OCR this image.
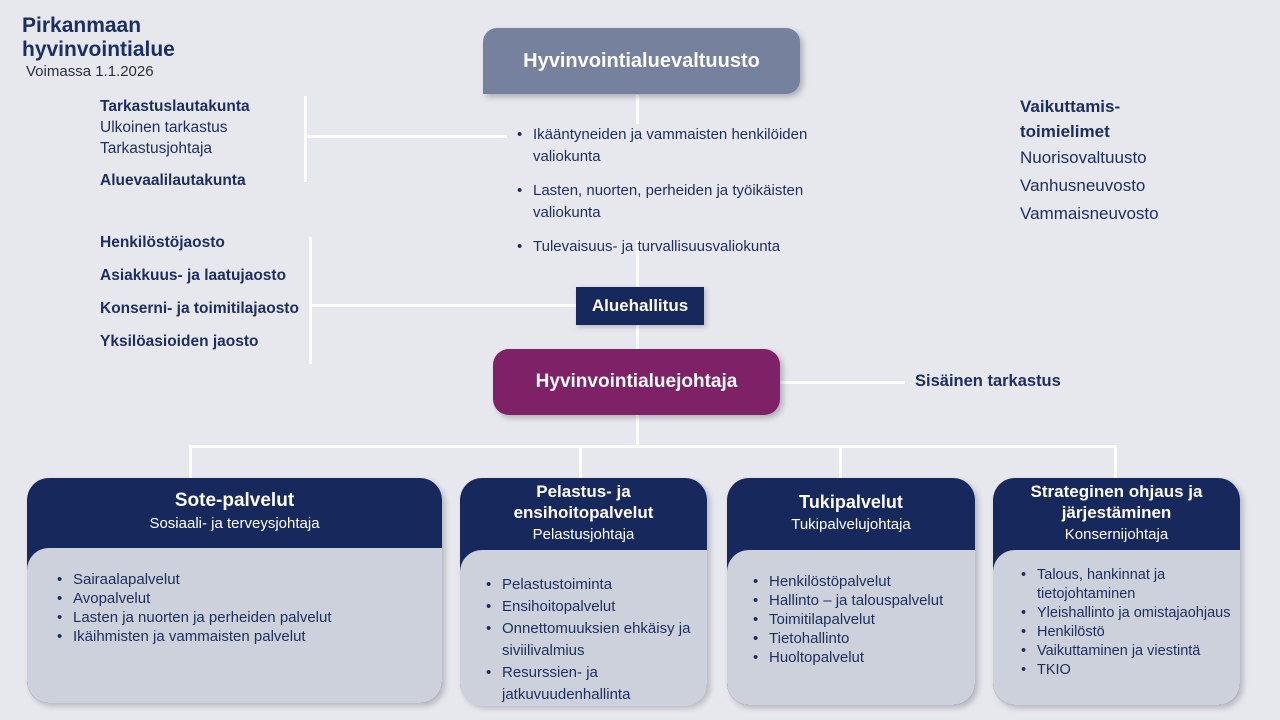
Pirkanmaan
hyvinvointialue
Voimassa 1.1.2026	Hyvinvointialuevaltuusto
• Ikääntyneiden ja vammaisten henkilöiden valiokunta
• Lasten, nuorten, perheiden ja työikäisten valiokunta
• Tulevaisuus- ja turvallisuusvaliokunta
Tarkastuslautakunta
Ulkoinen tarkastus
Tarkastusjohtaja
Aluevaalilautakunta
Henkilöstöjaosto
Asiakkuus- ja laatujaosto
Konserni- ja toimitilajaosto
Yksilöasioiden jaosto
Vaikuttamis-
toimielimet
Nuorisovaltuusto
Vanhusneuvosto
Vammaisneuvosto
Aluehallitus
Hyvinvointialuejohtaja	Sisäinen tarkastus
Sote-palvelut
Sosiaali- ja terveysjohtaja
• Sairaalapalvelut
• Avopalvelut
• Lasten ja nuorten ja perheiden palvelut
• Ikäihmisten ja vammaisten palvelut
Pelastus- ja ensihoitopalvelut
Pelastusjohtaja
• Pelastustoiminta
• Ensihoitopalvelut
• Onnettomuuksien ehkäisy ja siviilivalmius
• Resurssien- ja jatkuvuudenhallinta
Tukipalvelut
Tukipalvelujohtaja
• Henkilöstöpalvelut
• Hallinto – ja talouspalvelut
• Toimitilapalvelut
• Tietohallinto
• Huoltopalvelut
Strateginen ohjaus ja järjestäminen
Konsernijohtaja
• Talous, hankinnat ja tietojohtaminen
• Yleishallinto ja omistajaohjaus
• Henkilöstö
• Vaikuttaminen ja viestintä
• TKIO
